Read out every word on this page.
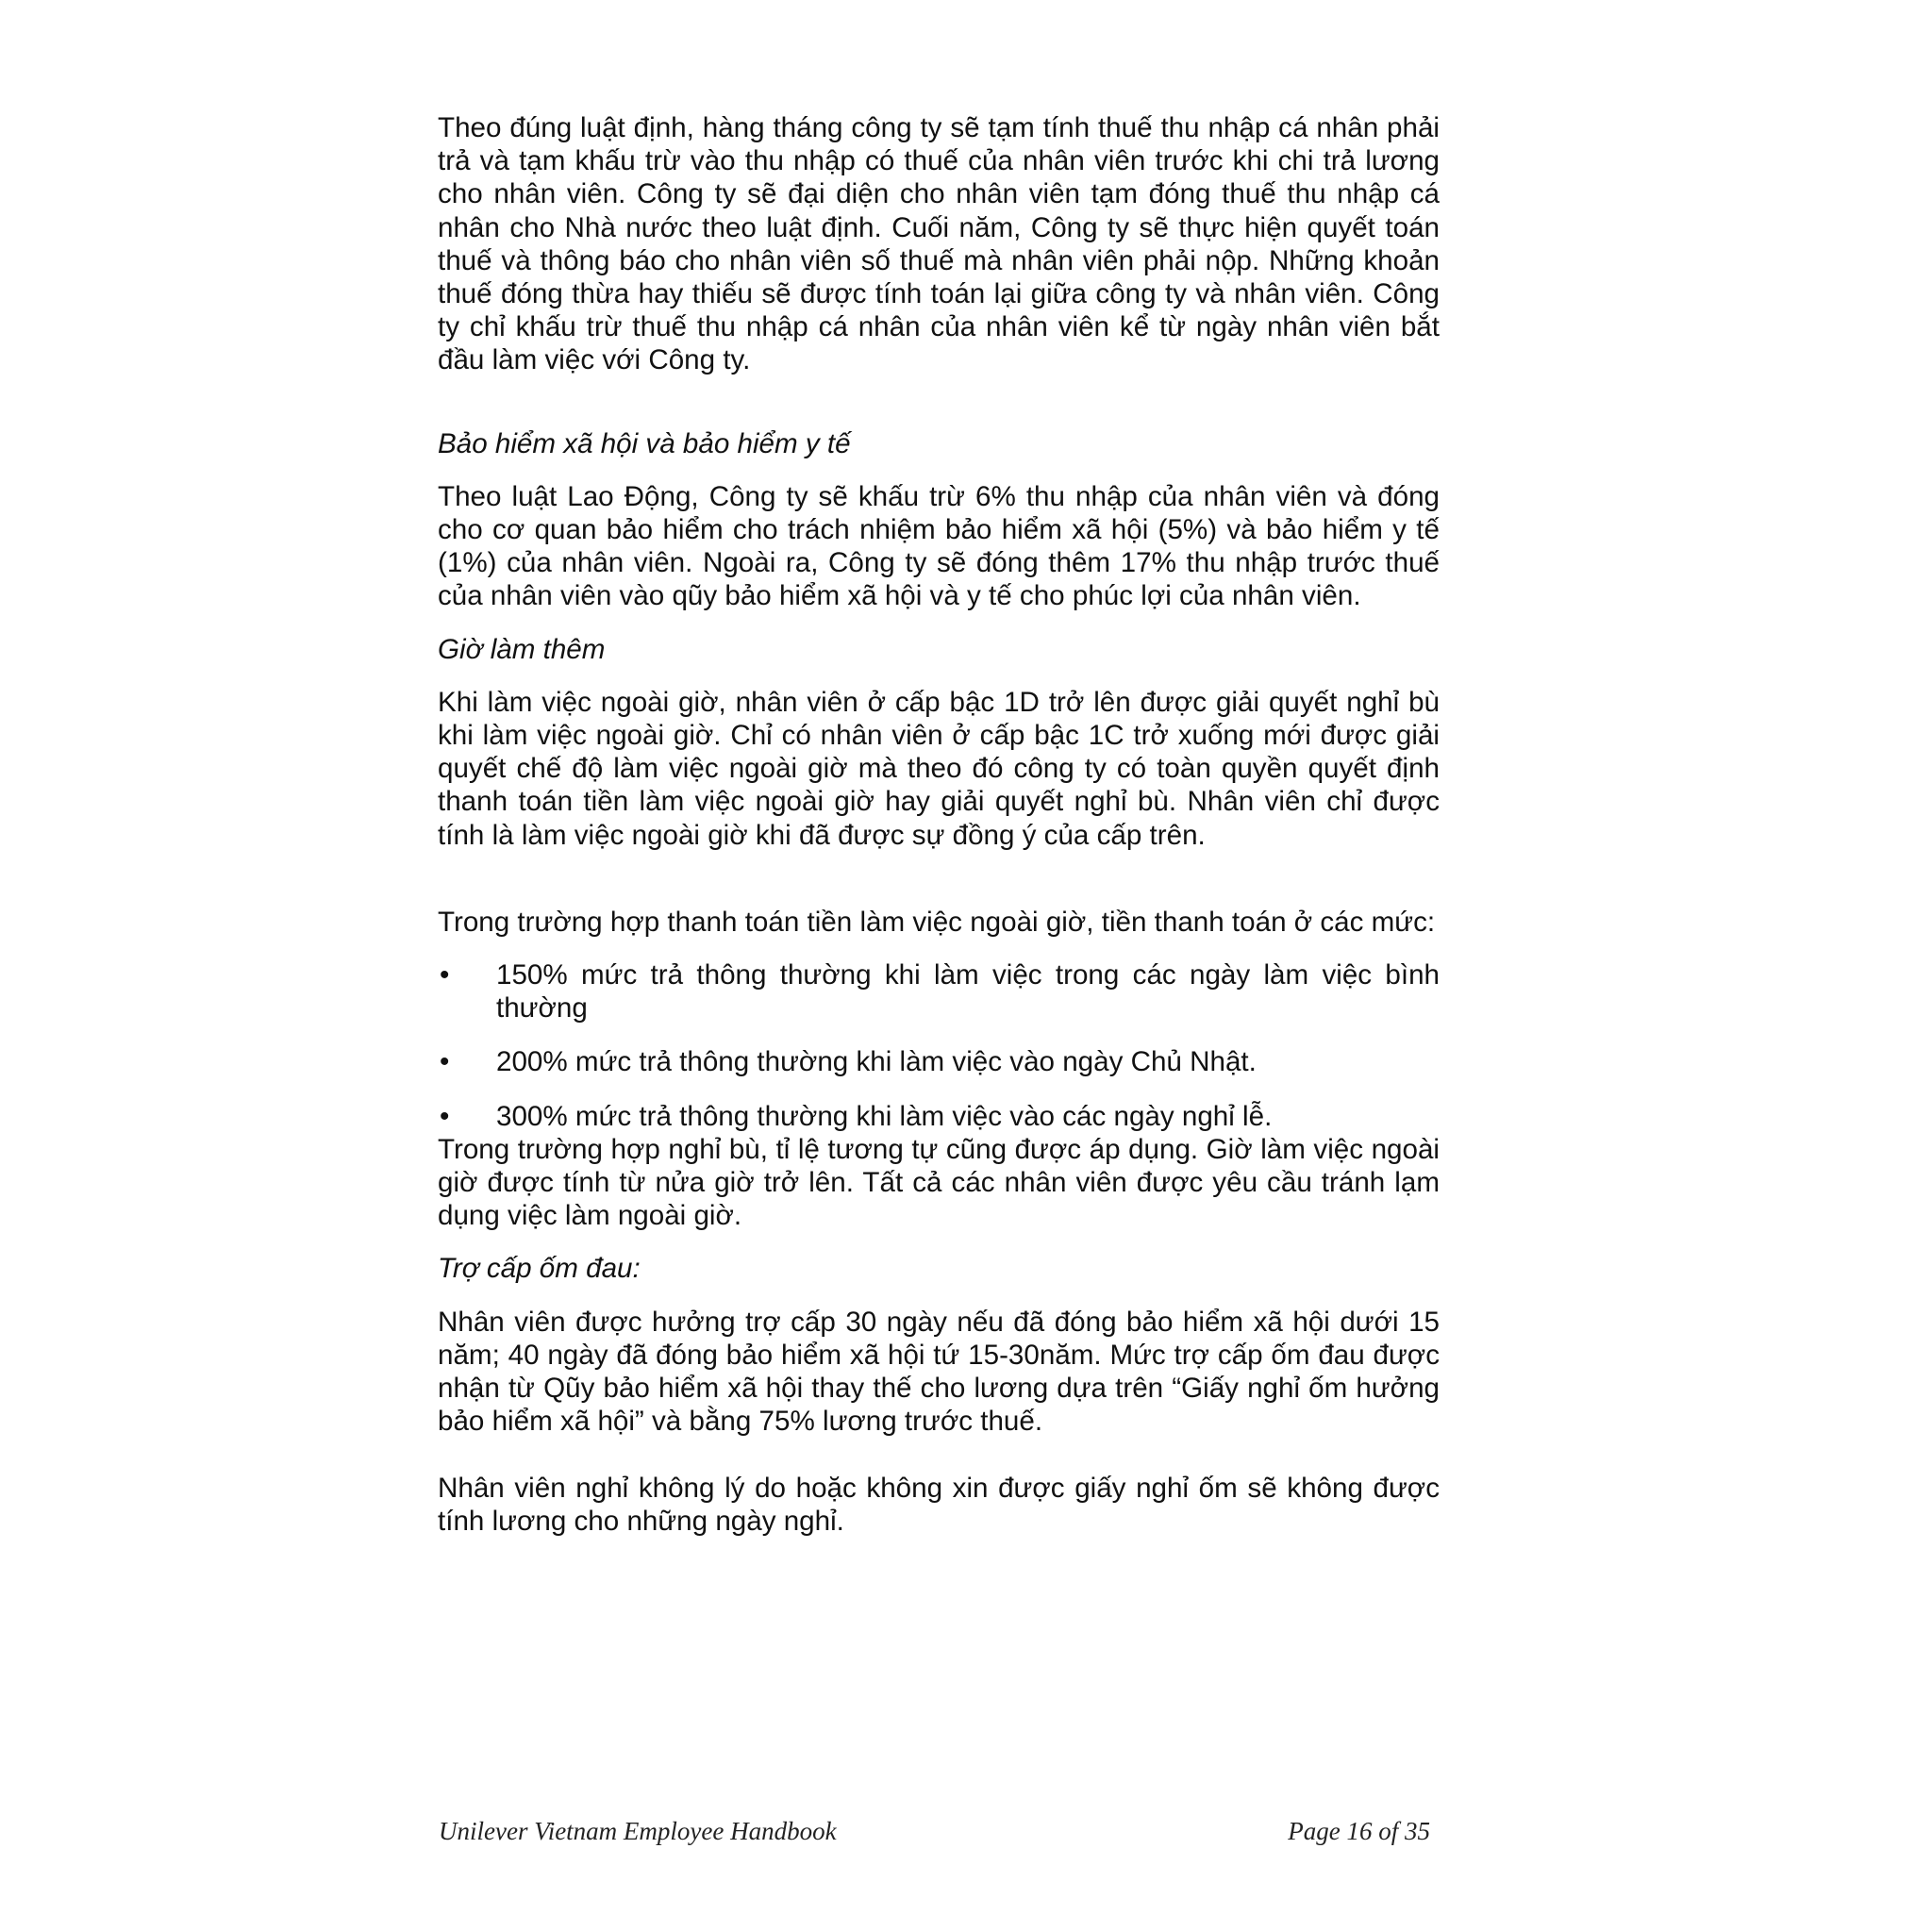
Theo đúng luật định, hàng tháng công ty sẽ tạm tính thuế thu nhập cá nhân phải trả và tạm khấu trừ vào thu nhập có thuế của nhân viên trước khi chi trả lương cho nhân viên. Công ty sẽ đại diện cho nhân viên tạm đóng thuế thu nhập cá nhân cho Nhà nước theo luật định. Cuối năm, Công ty sẽ thực hiện quyết toán thuế và thông báo cho nhân viên số thuế mà nhân viên phải nộp. Những khoản thuế đóng thừa hay thiếu sẽ được tính toán lại giữa công ty và nhân viên. Công ty chỉ khấu trừ thuế thu nhập cá nhân của nhân viên kể từ ngày nhân viên bắt đầu làm việc với Công ty.

Bảo hiểm xã hội và bảo hiểm y tế

Theo luật Lao Động, Công ty sẽ khấu trừ 6% thu nhập của nhân viên và đóng cho cơ quan bảo hiểm cho trách nhiệm bảo hiểm xã hội (5%) và bảo hiểm y tế (1%) của nhân viên. Ngoài ra, Công ty sẽ đóng thêm 17% thu nhập trước thuế của nhân viên vào qũy bảo hiểm xã hội và y tế cho phúc lợi của nhân viên.

Giờ làm thêm

Khi làm việc ngoài giờ, nhân viên ở cấp bậc 1D trở lên được giải quyết nghỉ bù khi làm việc ngoài giờ. Chỉ có nhân viên ở cấp bậc 1C trở xuống mới được giải quyết chế độ làm việc ngoài giờ mà theo đó công ty có toàn quyền quyết định thanh toán tiền làm việc ngoài giờ hay giải quyết nghỉ bù. Nhân viên chỉ được tính là làm việc ngoài giờ khi đã được sự đồng ý của cấp trên.

Trong trường hợp thanh toán tiền làm việc ngoài giờ, tiền thanh toán ở các mức:

• 150% mức trả thông thường khi làm việc trong các ngày làm việc bình thường
• 200% mức trả thông thường khi làm việc vào ngày Chủ Nhật.
• 300% mức trả thông thường khi làm việc vào các ngày nghỉ lễ.

Trong trường hợp nghỉ bù, tỉ lệ tương tự cũng được áp dụng. Giờ làm việc ngoài giờ được tính từ nửa giờ trở lên. Tất cả các nhân viên được yêu cầu tránh lạm dụng việc làm ngoài giờ.

Trợ cấp ốm đau:

Nhân viên được hưởng trợ cấp 30 ngày nếu đã đóng bảo hiểm xã hội dưới 15 năm; 40 ngày đã đóng bảo hiểm xã hội tứ 15-30năm. Mức trợ cấp ốm đau được nhận từ Qũy bảo hiểm xã hội thay thế cho lương dựa trên “Giấy nghỉ ốm hưởng bảo hiểm xã hội” và bằng 75% lương trước thuế.

Nhân viên nghỉ không lý do hoặc không xin được giấy nghỉ ốm sẽ không được tính lương cho những ngày nghỉ.

Unilever Vietnam Employee Handbook	Page 16 of 35
